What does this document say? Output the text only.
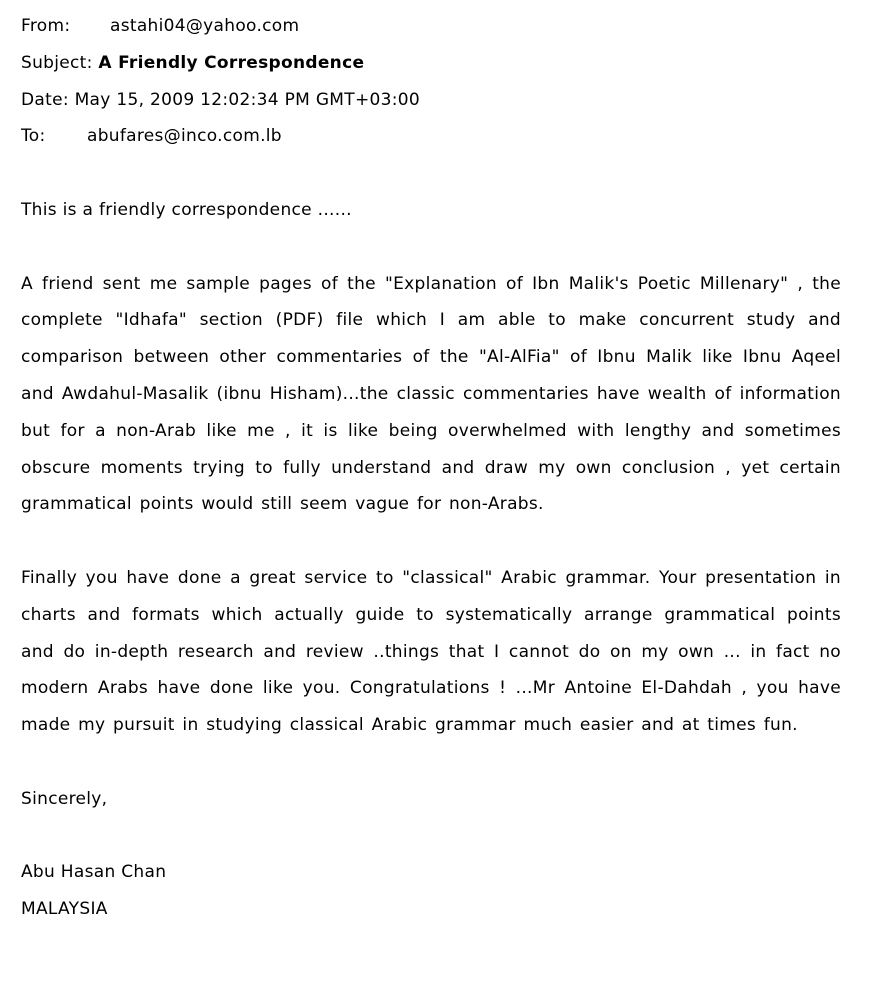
From: astahi04@yahoo.com
Subject: A Friendly Correspondence
Date: May 15, 2009 12:02:34 PM GMT+03:00
To: abufares@inco.com.lb
This is a friendly correspondence ......

A friend sent me sample pages of the "Explanation of Ibn Malik's Poetic Millenary" , the complete "Idhafa" section (PDF) file which I am able to make concurrent study and comparison between other commentaries of the "Al-AlFia" of Ibnu Malik like Ibnu Aqeel and Awdahul-Masalik (ibnu Hisham)...the classic commentaries have wealth of information but for a non-Arab like me , it is like being overwhelmed with lengthy and sometimes obscure moments trying to fully understand and draw my own conclusion , yet certain grammatical points would still seem vague for non-Arabs.

Finally you have done a great service to "classical" Arabic grammar. Your presentation in charts and formats which actually guide to systematically arrange grammatical points and do in-depth research and review ..things that I cannot do on my own ... in fact no modern Arabs have done like you. Congratulations ! ...Mr Antoine El-Dahdah , you have made my pursuit in studying classical Arabic grammar much easier and at times fun.

Sincerely,
Abu Hasan Chan
MALAYSIA
